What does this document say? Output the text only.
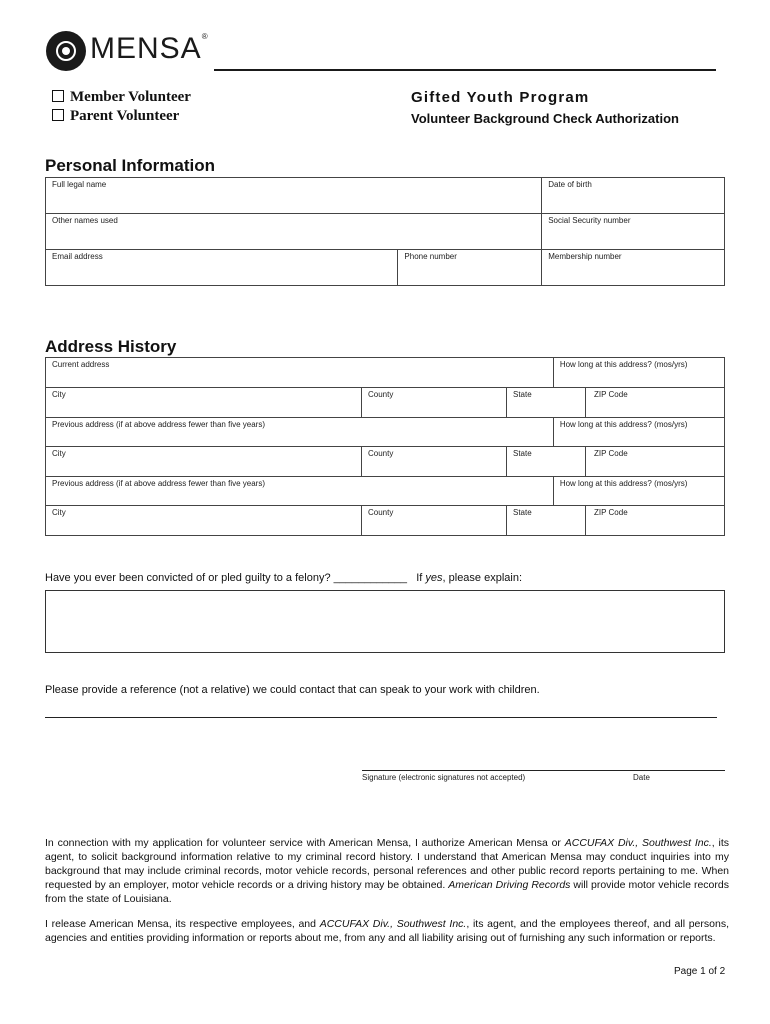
MENSA®
Member Volunteer
Parent Volunteer
Gifted Youth Program
Volunteer Background Check Authorization
Personal Information
Full legal name		Date of birth
Other names used		Social Security number
Email address	Phone number	Membership number
Address History
Current address			How long at this address? (mos/yrs)	
City	County	State		ZIP Code
Previous address (if at above address fewer than five years)			How long at this address? (mos/yrs)	
City	County	State		ZIP Code
Previous address (if at above address fewer than five years)			How long at this address? (mos/yrs)	
City	County	State		ZIP Code
Have you ever been convicted of or pled guilty to a felony? ____________ If yes, please explain:
Please provide a reference (not a relative) we could contact that can speak to your work with children.
Signature (electronic signatures not accepted)	Date
In connection with my application for volunteer service with American Mensa, I authorize American Mensa or ACCUFAX Div., Southwest Inc., its agent, to solicit background information relative to my criminal record history. I understand that American Mensa may conduct inquiries into my background that may include criminal records, motor vehicle records, personal references and other public record reports pertaining to me. When requested by an employer, motor vehicle records or a driving history may be obtained. American Driving Records will provide motor vehicle records from the state of Louisiana.
I release American Mensa, its respective employees, and ACCUFAX Div., Southwest Inc., its agent, and the employees thereof, and all persons, agencies and entities providing information or reports about me, from any and all liability arising out of furnishing any such information or reports.
Page 1 of 2
